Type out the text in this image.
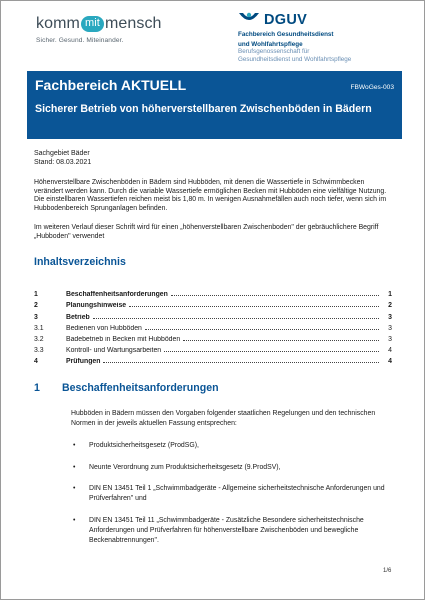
komm mit mensch
Sicher. Gesund. Miteinander.
DGUV
Fachbereich Gesundheitsdienst
und Wohlfahrtspflege
Berufsgenossenschaft für
Gesundheitsdienst und Wohlfahrtspflege
Fachbereich AKTUELL	FBWoGes-003
Sicherer Betrieb von höherverstellbaren Zwischenböden in Bädern
Sachgebiet Bäder
Stand: 08.03.2021
Höhenverstellbare Zwischenböden in Bädern sind Hubböden, mit denen die Wassertiefe in Schwimmbecken verändert werden kann. Durch die variable Wassertiefe ermöglichen Becken mit Hubböden eine vielfältige Nutzung. Die einstellbaren Wassertiefen reichen meist bis 1,80 m. In wenigen Ausnahmefällen auch noch tiefer, wenn sich im Hubbodenbereich Sprunganlagen befinden.
Im weiteren Verlauf dieser Schrift wird für einen „höhenverstellbaren Zwischenboden" der gebräuchlichere Begriff „Hubboden" verwendet
Inhaltsverzeichnis
1	Beschaffenheitsanforderungen	1
2	Planungshinweise	2
3	Betrieb	3
3.1	Bedienen von Hubböden	3
3.2	Badebetrieb in Becken mit Hubböden	3
3.3	Kontroll- und Wartungsarbeiten	4
4	Prüfungen	4
1 Beschaffenheitsanforderungen
Hubböden in Bädern müssen den Vorgaben folgender staatlichen Regelungen und den technischen Normen in der jeweils aktuellen Fassung entsprechen:
• Produktsicherheitsgesetz (ProdSG),
• Neunte Verordnung zum Produktsicherheitsgesetz (9.ProdSV),
• DIN EN 13451 Teil 1 „Schwimmbadgeräte - Allgemeine sicherheitstechnische Anforderungen und Prüfverfahren" und
• DIN EN 13451 Teil 11 „Schwimmbadgeräte - Zusätzliche Besondere sicherheitstechnische Anforderungen und Prüfverfahren für höhenverstellbare Zwischenböden und bewegliche Beckenabtrennungen".
1/6
